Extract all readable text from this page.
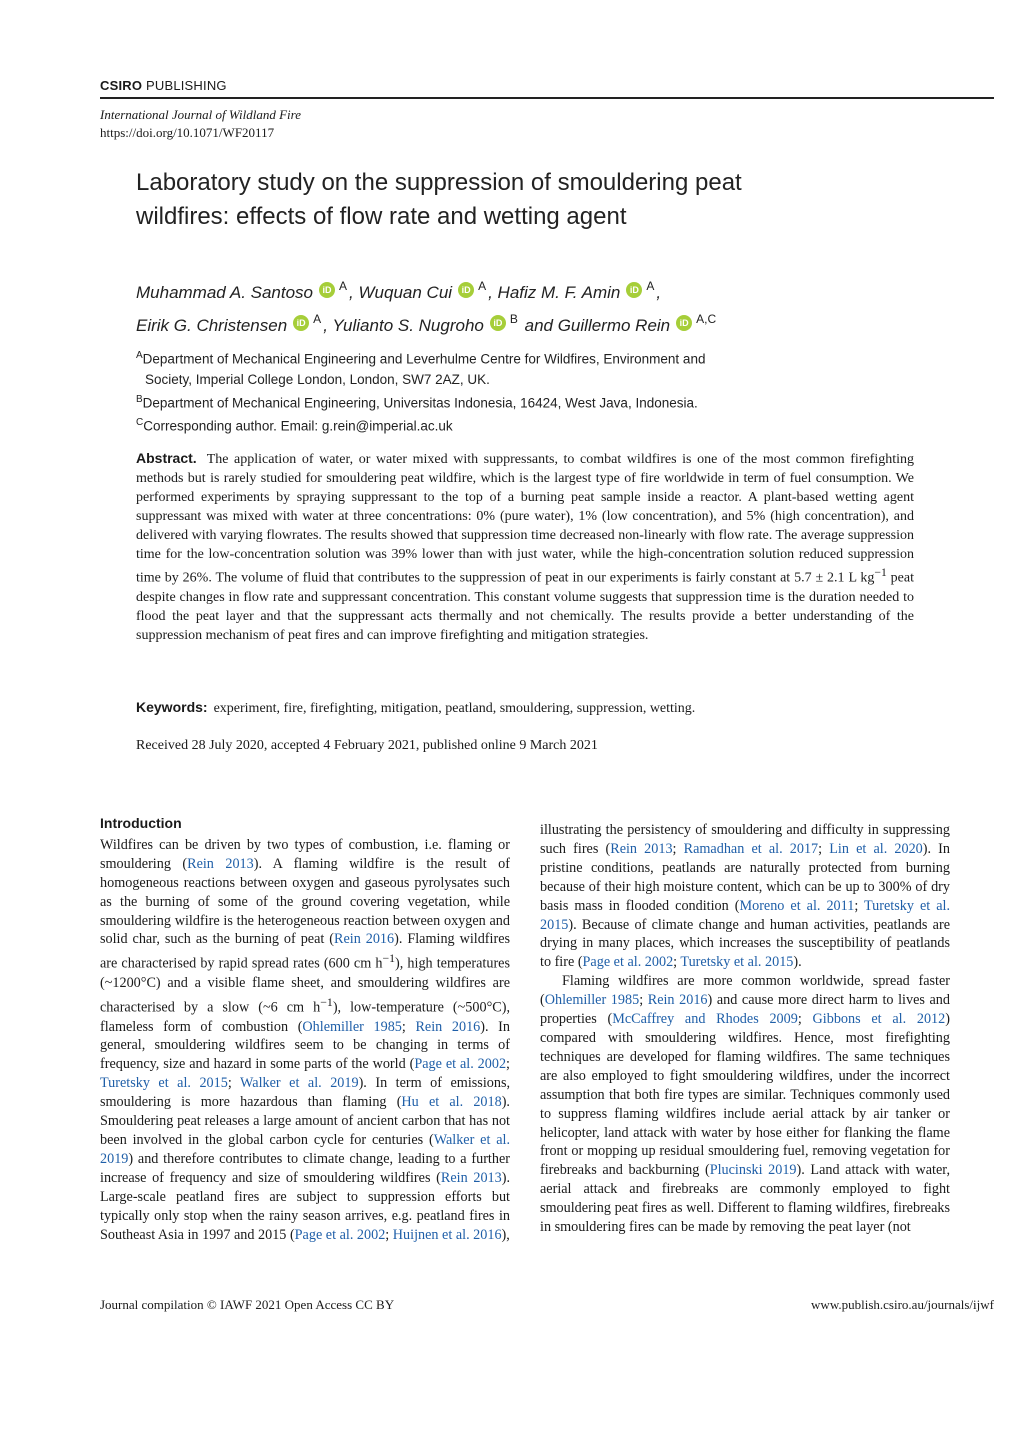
CSIRO PUBLISHING
International Journal of Wildland Fire
https://doi.org/10.1071/WF20117
Laboratory study on the suppression of smouldering peat
wildfires: effects of flow rate and wetting agent
Muhammad A. Santoso iD $^A$ , Wuquan Cui iD $^A$ , Hafiz M. F. Amin iD $^A$ ,
Eirik G. Christensen iD $^A$ , Yulianto S. Nugroho iD $^B$ and Guillermo Rein iD $^{A,C}$
$^A$Department of Mechanical Engineering and Leverhulme Centre for Wildfires, Environment and
Society, Imperial College London, London, SW7 2AZ, UK.
$^B$Department of Mechanical Engineering, Universitas Indonesia, 16424, West Java, Indonesia.
$^C$Corresponding author. Email: g.rein@imperial.ac.uk
Abstract. The application of water, or water mixed with suppressants, to combat wildfires is one of the most common firefighting methods but is rarely studied for smouldering peat wildfire, which is the largest type of fire worldwide in term of fuel consumption. We performed experiments by spraying suppressant to the top of a burning peat sample inside a reactor. A plant-based wetting agent suppressant was mixed with water at three concentrations: 0% (pure water), 1% (low concentration), and 5% (high concentration), and delivered with varying flowrates. The results showed that suppression time decreased non-linearly with flow rate. The average suppression time for the low-concentration solution was 39% lower than with just water, while the high-concentration solution reduced suppression time by 26%. The volume of fluid that contributes to the suppression of peat in our experiments is fairly constant at 5.7 ± 2.1 L $kg^{-1}$ peat despite changes in flow rate and suppressant concentration. This constant volume suggests that suppression time is the duration needed to flood the peat layer and that the suppressant acts thermally and not chemically. The results provide a better understanding of the suppression mechanism of peat fires and can improve firefighting and mitigation strategies.
Keywords: experiment, fire, firefighting, mitigation, peatland, smouldering, suppression, wetting.
Received 28 July 2020, accepted 4 February 2021, published online 9 March 2021
Introduction
Wildfires can be driven by two types of combustion, i.e. flaming or smouldering (Rein 2013). A flaming wildfire is the result of homogeneous reactions between oxygen and gaseous pyrolysates such as the burning of some of the ground covering vegetation, while smouldering wildfire is the heterogeneous reaction between oxygen and solid char, such as the burning of peat (Rein 2016). Flaming wildfires are characterised by rapid spread rates (600 cm $h^{-1}$), high temperatures (~1200°C) and a visible flame sheet, and smouldering wildfires are characterised by a slow (~6 cm $h^{-1}$), low-temperature (~500°C), flameless form of combustion (Ohlemiller 1985; Rein 2016). In general, smouldering wildfires seem to be changing in terms of frequency, size and hazard in some parts of the world (Page et al. 2002; Turetsky et al. 2015; Walker et al. 2019). In term of emissions, smouldering is more hazardous than flaming (Hu et al. 2018). Smouldering peat releases a large amount of ancient carbon that has not been involved in the global carbon cycle for centuries (Walker et al. 2019) and therefore contributes to climate change, leading to a further increase of frequency and size of smouldering wildfires (Rein 2013). Large-scale peatland fires are subject to suppression efforts but typically only stop when the rainy season arrives, e.g. peatland fires in Southeast Asia in 1997 and 2015 (Page et al. 2002; Huijnen et al. 2016),
illustrating the persistency of smouldering and difficulty in suppressing such fires (Rein 2013; Ramadhan et al. 2017; Lin et al. 2020). In pristine conditions, peatlands are naturally protected from burning because of their high moisture content, which can be up to 300% of dry basis mass in flooded condition (Moreno et al. 2011; Turetsky et al. 2015). Because of climate change and human activities, peatlands are drying in many places, which increases the susceptibility of peatlands to fire (Page et al. 2002; Turetsky et al. 2015).
Flaming wildfires are more common worldwide, spread faster (Ohlemiller 1985; Rein 2016) and cause more direct harm to lives and properties (McCaffrey and Rhodes 2009; Gibbons et al. 2012) compared with smouldering wildfires. Hence, most firefighting techniques are developed for flaming wildfires. The same techniques are also employed to fight smouldering wildfires, under the incorrect assumption that both fire types are similar. Techniques commonly used to suppress flaming wildfires include aerial attack by air tanker or helicopter, land attack with water by hose either for flanking the flame front or mopping up residual smouldering fuel, removing vegetation for firebreaks and backburning (Plucinski 2019). Land attack with water, aerial attack and firebreaks are commonly employed to fight smouldering peat fires as well. Different to flaming wildfires, firebreaks in smouldering fires can be made by removing the peat layer (not
Journal compilation © IAWF 2021 Open Access CC BY	www.publish.csiro.au/journals/ijwf
